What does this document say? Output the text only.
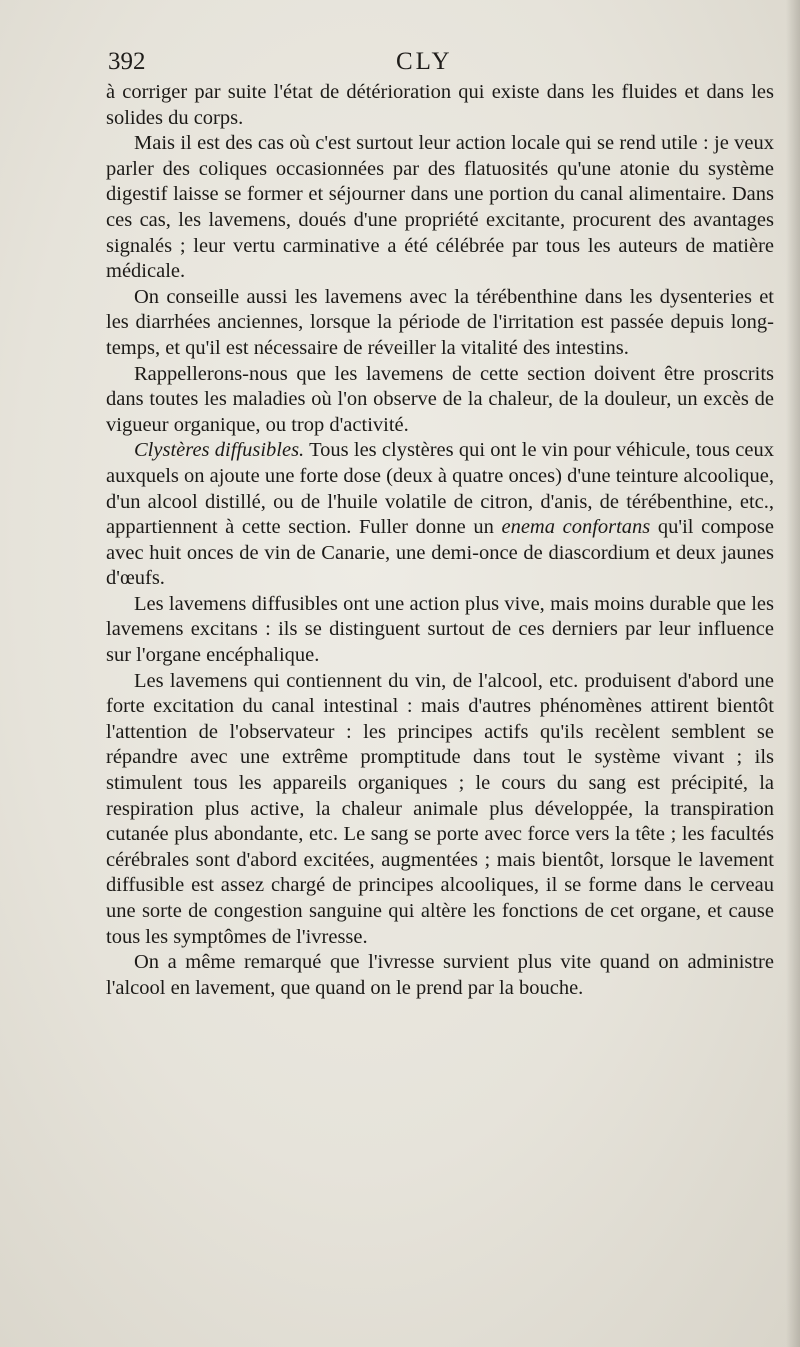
392	CLY

à corriger par suite l'état de détérioration qui existe dans les fluides et dans les solides du corps.

Mais il est des cas où c'est surtout leur action locale qui se rend utile : je veux parler des coliques occasionnées par des flatuosités qu'une atonie du système digestif laisse se former et séjourner dans une portion du canal alimentaire. Dans ces cas, les lavemens, doués d'une propriété excitante, procurent des avantages signalés ; leur vertu carminative a été célébrée par tous les auteurs de matière médicale.

On conseille aussi les lavemens avec la térébenthine dans les dysenteries et les diarrhées anciennes, lorsque la période de l'irritation est passée depuis long-temps, et qu'il est nécessaire de réveiller la vitalité des intestins.

Rappellerons-nous que les lavemens de cette section doivent être proscrits dans toutes les maladies où l'on observe de la chaleur, de la douleur, un excès de vigueur organique, ou trop d'activité.

Clystères diffusibles. Tous les clystères qui ont le vin pour véhicule, tous ceux auxquels on ajoute une forte dose (deux à quatre onces) d'une teinture alcoolique, d'un alcool distillé, ou de l'huile volatile de citron, d'anis, de térébenthine, etc., appartiennent à cette section. Fuller donne un enema confortans qu'il compose avec huit onces de vin de Canarie, une demi-once de diascordium et deux jaunes d'œufs.

Les lavemens diffusibles ont une action plus vive, mais moins durable que les lavemens excitans : ils se distinguent surtout de ces derniers par leur influence sur l'organe encéphalique.

Les lavemens qui contiennent du vin, de l'alcool, etc. produisent d'abord une forte excitation du canal intestinal : mais d'autres phénomènes attirent bientôt l'attention de l'observateur : les principes actifs qu'ils recèlent semblent se répandre avec une extrême promptitude dans tout le système vivant ; ils stimulent tous les appareils organiques ; le cours du sang est précipité, la respiration plus active, la chaleur animale plus développée, la transpiration cutanée plus abondante, etc. Le sang se porte avec force vers la tête ; les facultés cérébrales sont d'abord excitées, augmentées ; mais bientôt, lorsque le lavement diffusible est assez chargé de principes alcooliques, il se forme dans le cerveau une sorte de congestion sanguine qui altère les fonctions de cet organe, et cause tous les symptômes de l'ivresse.

On a même remarqué que l'ivresse survient plus vite quand on administre l'alcool en lavement, que quand on le prend par la bouche.
